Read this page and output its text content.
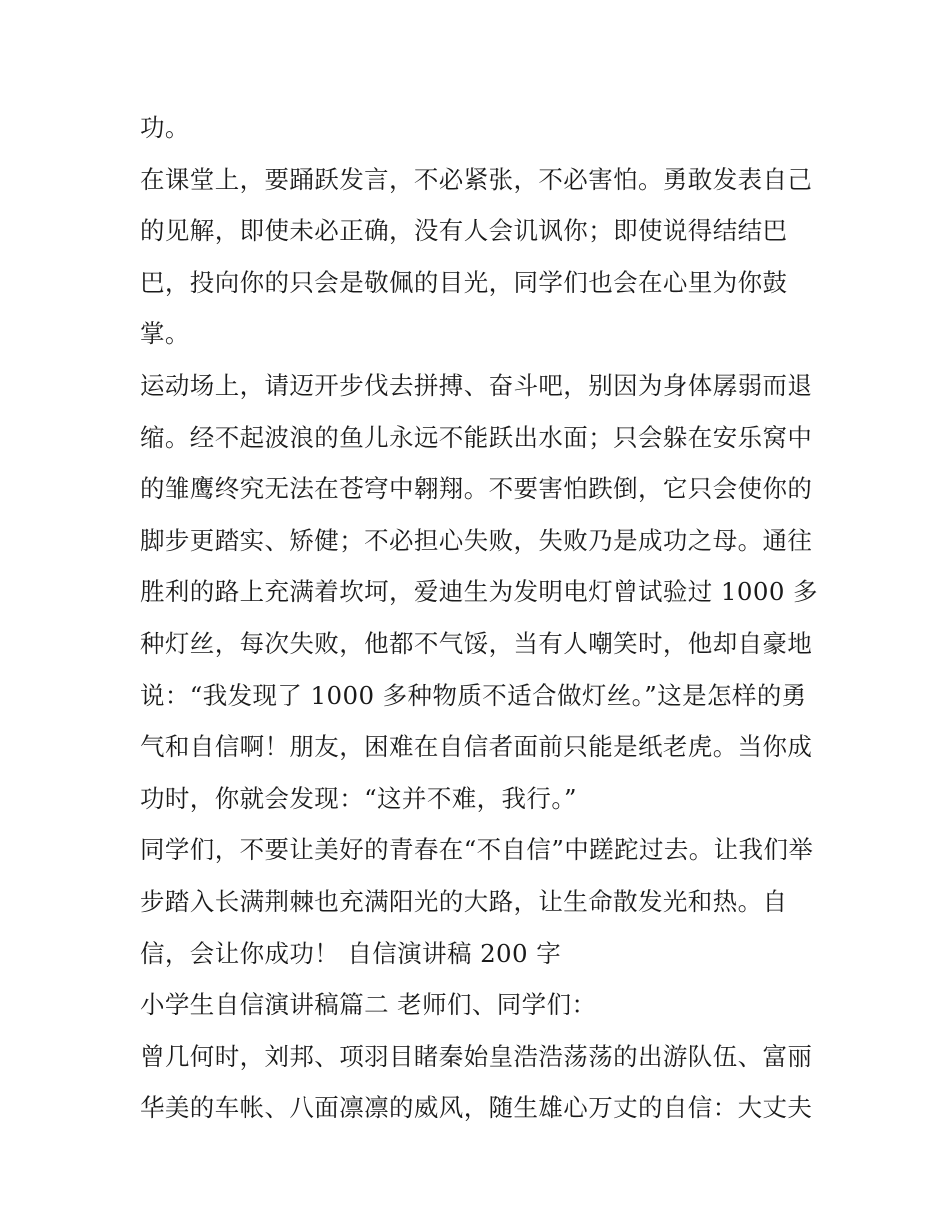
功。
在课堂上，要踊跃发言，不必紧张，不必害怕。勇敢发表自己
的见解，即使未必正确，没有人会讥讽你；即使说得结结巴
巴，投向你的只会是敬佩的目光，同学们也会在心里为你鼓
掌。
运动场上，请迈开步伐去拼搏、奋斗吧，别因为身体孱弱而退
缩。经不起波浪的鱼儿永远不能跃出水面；只会躲在安乐窝中
的雏鹰终究无法在苍穹中翱翔。不要害怕跌倒，它只会使你的
脚步更踏实、矫健；不必担心失败，失败乃是成功之母。通往
胜利的路上充满着坎坷，爱迪生为发明电灯曾试验过 1000 多
种灯丝，每次失败，他都不气馁，当有人嘲笑时，他却自豪地
说：“我发现了 1000 多种物质不适合做灯丝。”这是怎样的勇
气和自信啊！朋友，困难在自信者面前只能是纸老虎。当你成
功时，你就会发现：“这并不难，我行。”
同学们，不要让美好的青春在“不自信”中蹉跎过去。让我们举
步踏入长满荆棘也充满阳光的大路，让生命散发光和热。自
信，会让你成功！ 自信演讲稿 200 字
小学生自信演讲稿篇二 老师们、同学们：
曾几何时，刘邦、项羽目睹秦始皇浩浩荡荡的出游队伍、富丽
华美的车帐、八面凛凛的威风，随生雄心万丈的自信：大丈夫
